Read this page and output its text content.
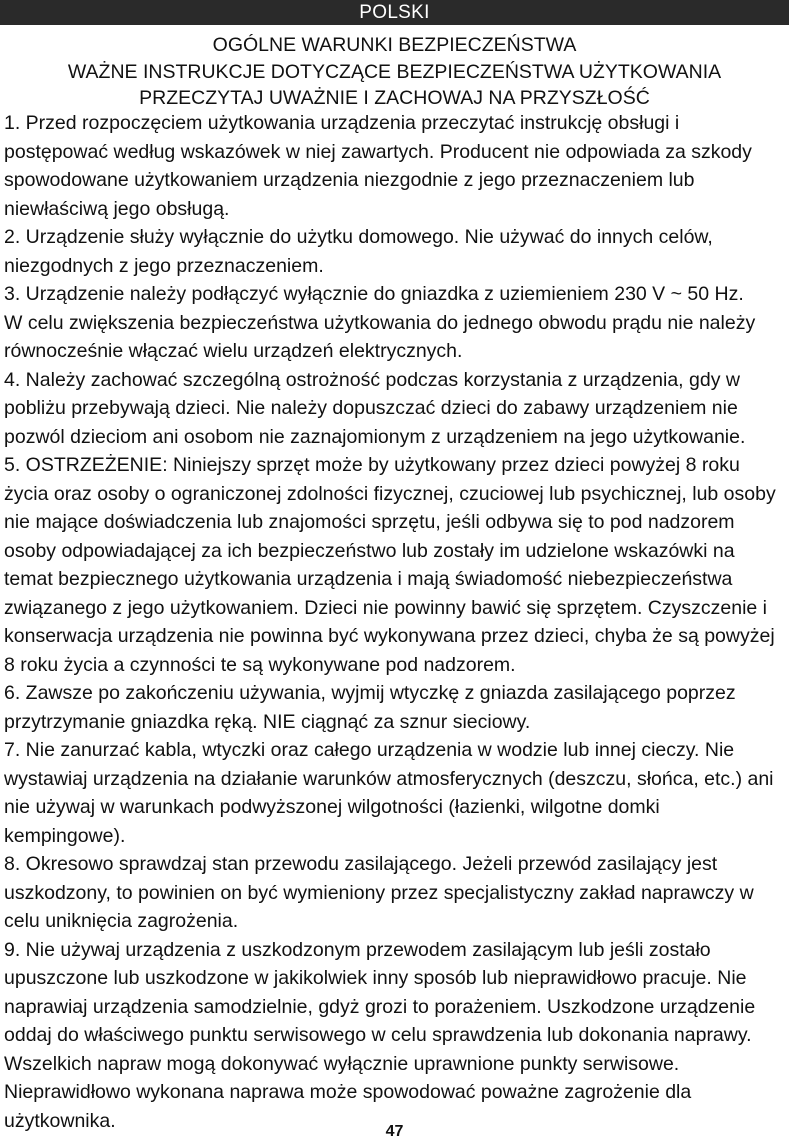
POLSKI
OGÓLNE WARUNKI BEZPIECZEŃSTWA
WAŻNE INSTRUKCJE DOTYCZĄCE BEZPIECZEŃSTWA UŻYTKOWANIA
PRZECZYTAJ UWAŻNIE I ZACHOWAJ NA PRZYSZŁOŚĆ
1. Przed rozpoczęciem użytkowania urządzenia przeczytać instrukcję obsługi i
postępować według wskazówek w niej zawartych. Producent nie odpowiada za szkody
spowodowane użytkowaniem urządzenia niezgodnie z jego przeznaczeniem lub
niewłaściwą jego obsługą.
2. Urządzenie służy wyłącznie do użytku domowego. Nie używać do innych celów,
niezgodnych z jego przeznaczeniem.
3. Urządzenie należy podłączyć wyłącznie do gniazdka z uziemieniem 230 V ~ 50 Hz.
W celu zwiększenia bezpieczeństwa użytkowania do jednego obwodu prądu nie należy
równocześnie włączać wielu urządzeń elektrycznych.
4. Należy zachować szczególną ostrożność podczas korzystania z urządzenia, gdy w
pobliżu przebywają dzieci. Nie należy dopuszczać dzieci do zabawy urządzeniem nie
pozwól dzieciom ani osobom nie zaznajomionym z urządzeniem na jego użytkowanie.
5. OSTRZEŻENIE: Niniejszy sprzęt może by użytkowany przez dzieci powyżej 8 roku
życia oraz osoby o ograniczonej zdolności fizycznej, czuciowej lub psychicznej, lub osoby
nie mające doświadczenia lub znajomości sprzętu, jeśli odbywa się to pod nadzorem
osoby odpowiadającej za ich bezpieczeństwo lub zostały im udzielone wskazówki na
temat bezpiecznego użytkowania urządzenia i mają świadomość niebezpieczeństwa
związanego z jego użytkowaniem. Dzieci nie powinny bawić się sprzętem. Czyszczenie i
konserwacja urządzenia nie powinna być wykonywana przez dzieci, chyba że są powyżej
8 roku życia a czynności te są wykonywane pod nadzorem.
6. Zawsze po zakończeniu używania, wyjmij wtyczkę z gniazda zasilającego poprzez
przytrzymanie gniazdka ręką. NIE ciągnąć za sznur sieciowy.
7. Nie zanurzać kabla, wtyczki oraz całego urządzenia w wodzie lub innej cieczy. Nie
wystawiaj urządzenia na działanie warunków atmosferycznych (deszczu, słońca, etc.) ani
nie używaj w warunkach podwyższonej wilgotności (łazienki, wilgotne domki
kempingowe).
8. Okresowo sprawdzaj stan przewodu zasilającego. Jeżeli przewód zasilający jest
uszkodzony, to powinien on być wymieniony przez specjalistyczny zakład naprawczy w
celu uniknięcia zagrożenia.
9. Nie używaj urządzenia z uszkodzonym przewodem zasilającym lub jeśli zostało
upuszczone lub uszkodzone w jakikolwiek inny sposób lub nieprawidłowo pracuje. Nie
naprawiaj urządzenia samodzielnie, gdyż grozi to porażeniem. Uszkodzone urządzenie
oddaj do właściwego punktu serwisowego w celu sprawdzenia lub dokonania naprawy.
Wszelkich napraw mogą dokonywać wyłącznie uprawnione punkty serwisowe.
Nieprawidłowo wykonana naprawa może spowodować poważne zagrożenie dla
użytkownika.	47
